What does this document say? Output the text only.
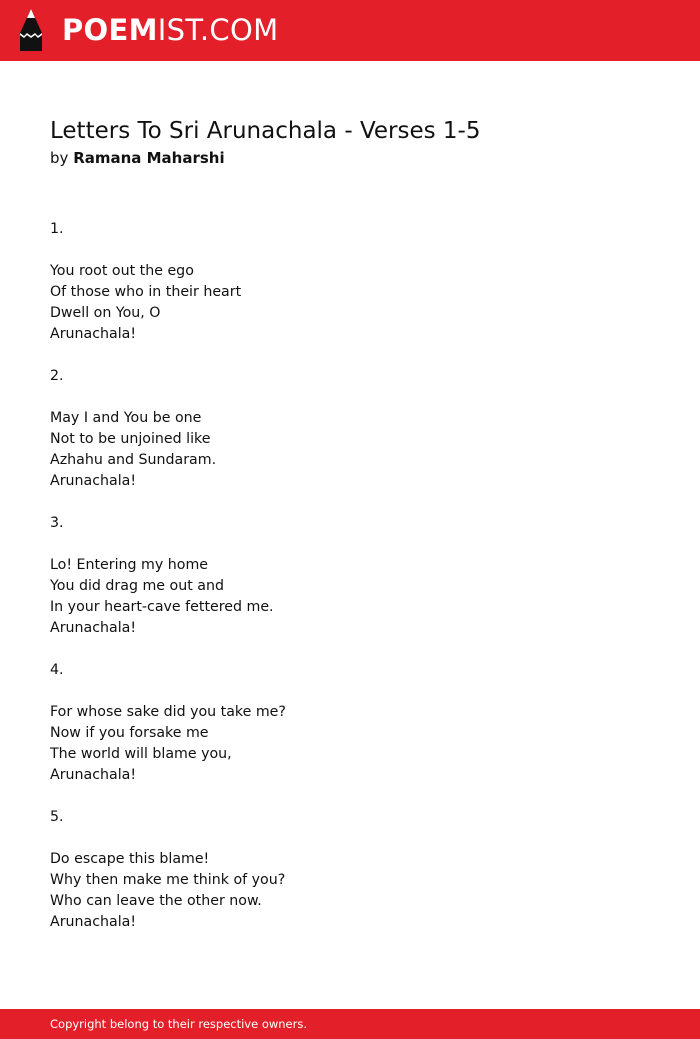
POEMIST.COM
Letters To Sri Arunachala - Verses 1-5
by Ramana Maharshi
1.
You root out the ego
Of those who in their heart
Dwell on You, O
Arunachala!
2.
May I and You be one
Not to be unjoined like
Azhahu and Sundaram.
Arunachala!
3.
Lo! Entering my home
You did drag me out and
In your heart-cave fettered me.
Arunachala!
4.
For whose sake did you take me?
Now if you forsake me
The world will blame you,
Arunachala!
5.
Do escape this blame!
Why then make me think of you?
Who can leave the other now.
Arunachala!
Copyright belong to their respective owners.
